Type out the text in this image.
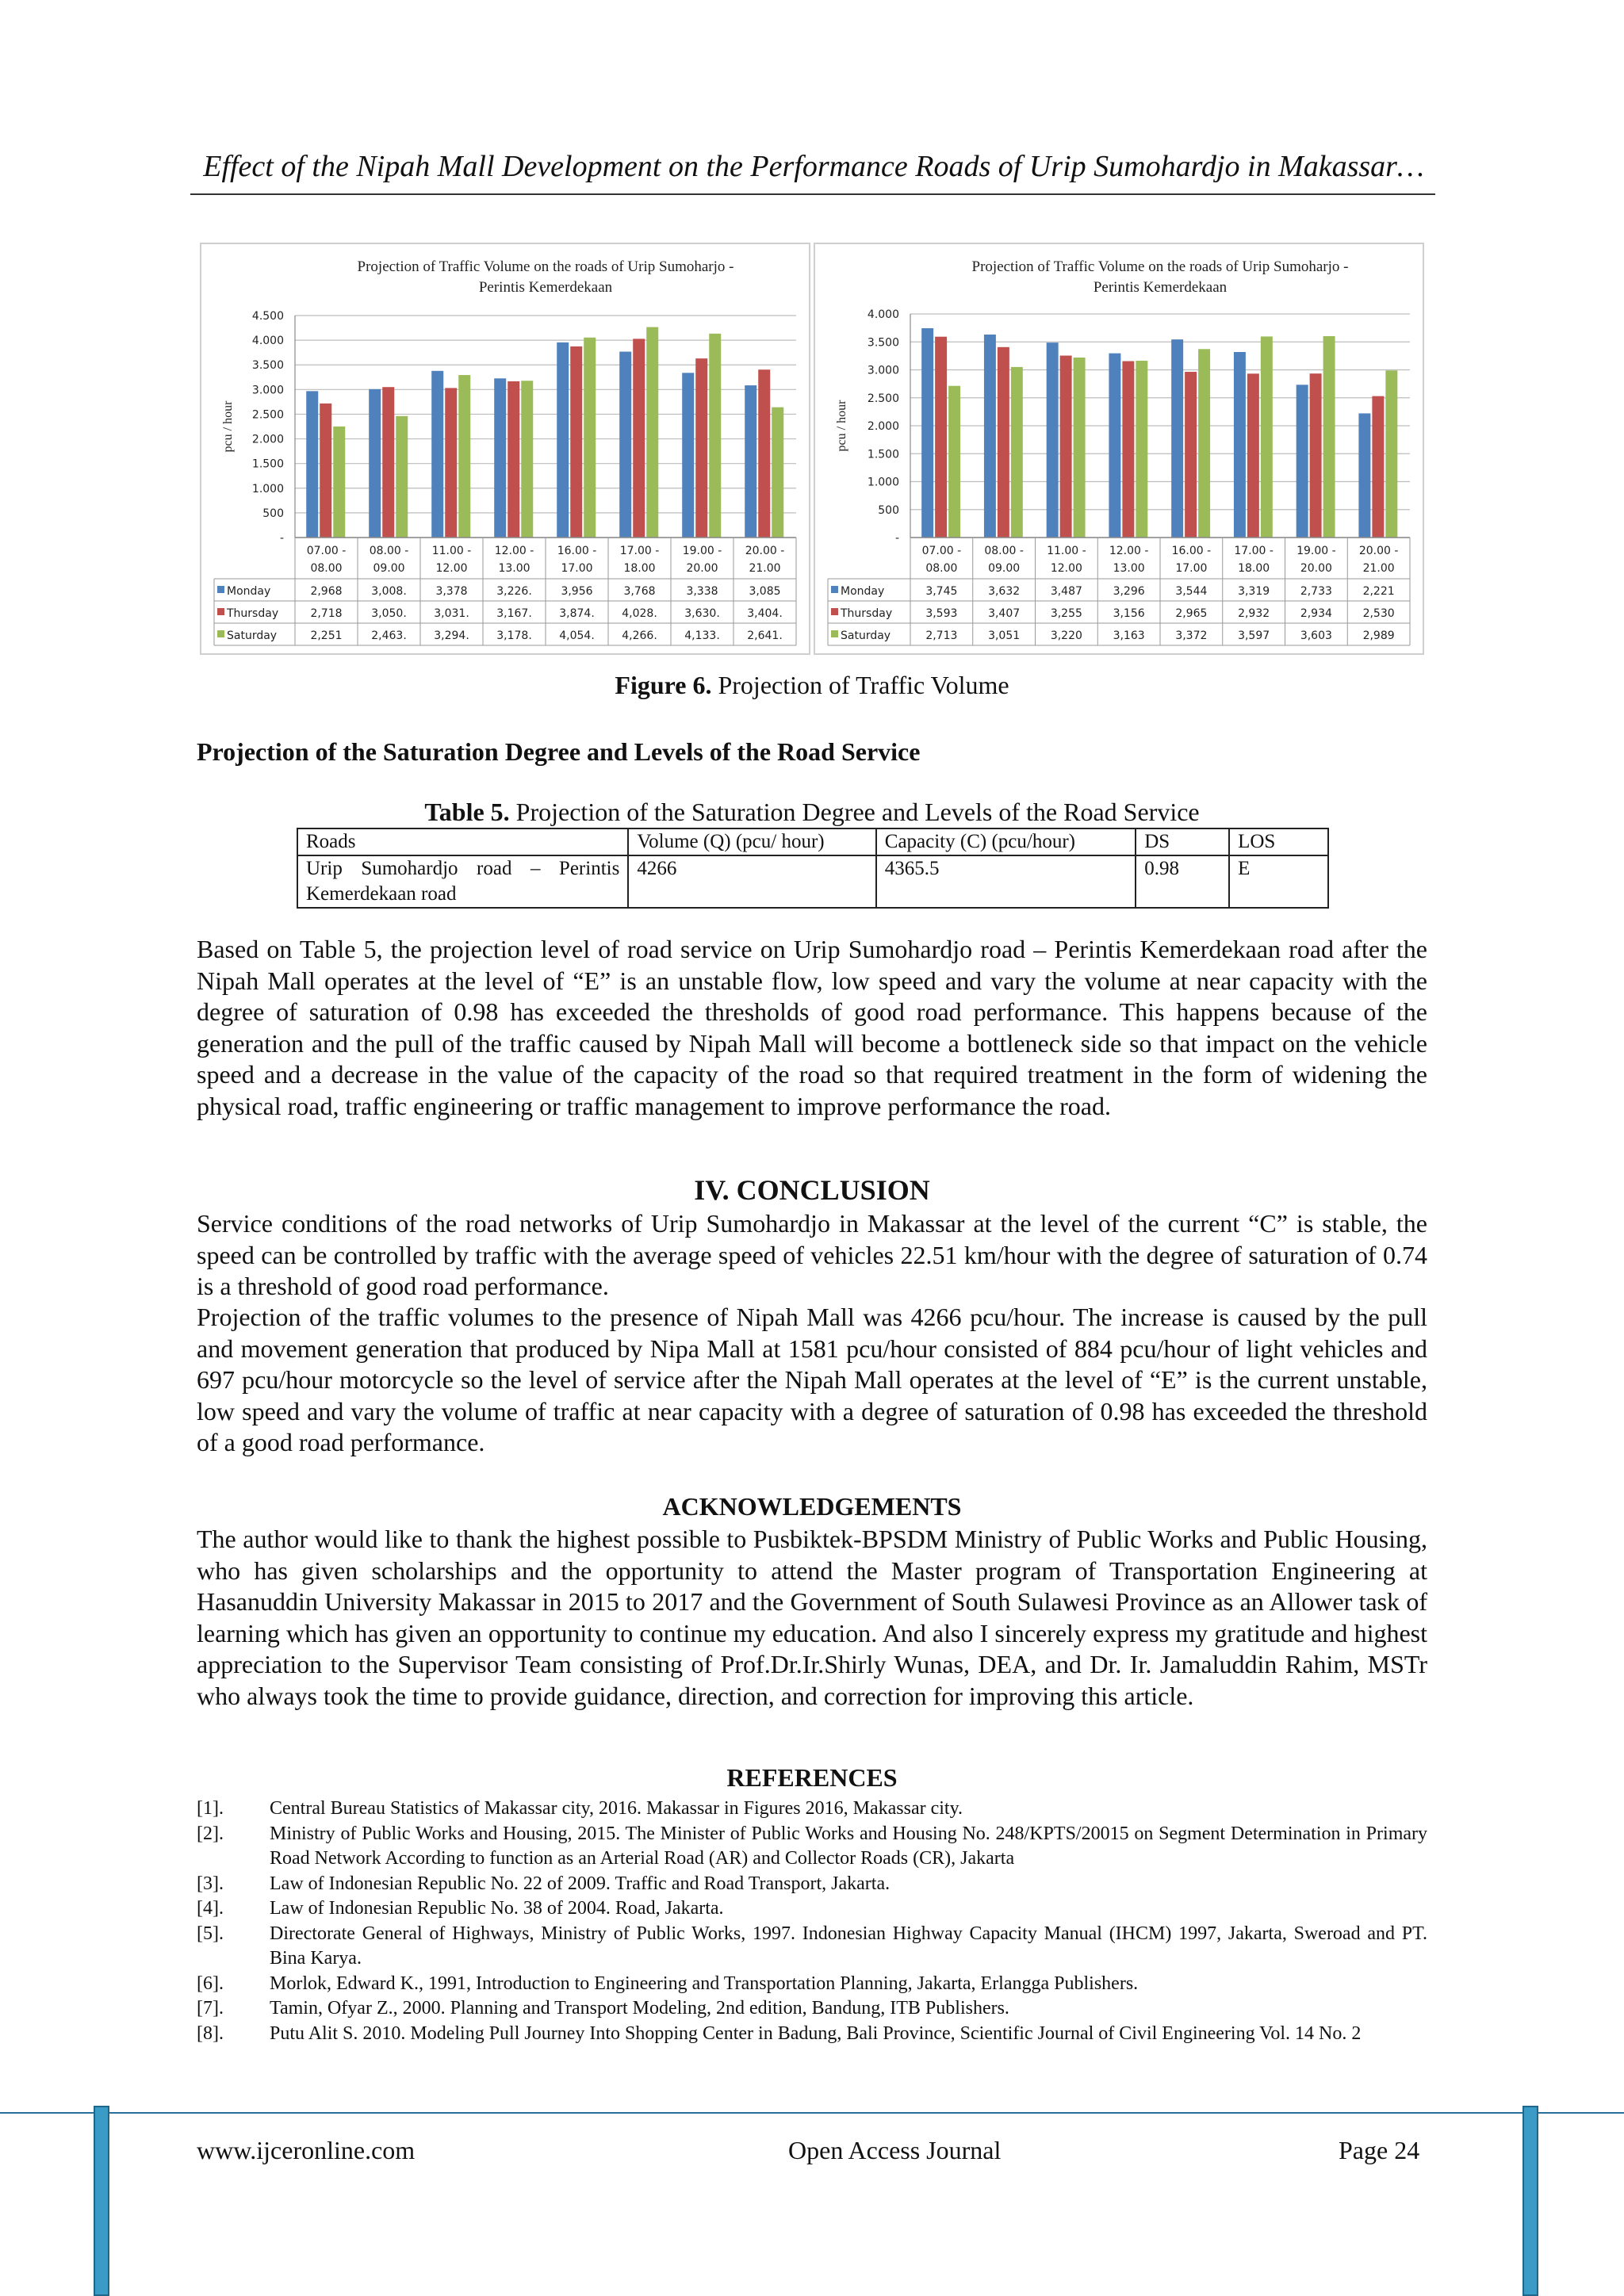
Effect of the Nipah Mall Development on the Performance Roads of Urip Sumohardjo in Makassar…
Projection of Traffic Volume on the roads of Urip Sumoharjo -
Perintis Kemerdekaan
-
500
1.000
1.500
2.000
2.500
3.000
3.500
4.000
4.500
pcu / hour
07.00 -
08.00
08.00 -
09.00
11.00 -
12.00
12.00 -
13.00
16.00 -
17.00
17.00 -
18.00
19.00 -
20.00
20.00 -
21.00
Monday	2,968	3,008.	3,378	3,226.	3,956	3,768	3,338	3,085
Thursday	2,718	3,050. 3,031. 3,167. 3,874. 4,028. 3,630. 3,404.
Saturday	2,251	2,463. 3,294. 3,178. 4,054. 4,266. 4,133. 2,641.
Projection of Traffic Volume on the roads of Urip Sumoharjo -
Perintis Kemerdekaan
-
500
1.000
1.500
2.000
2.500
3.000
3.500
4.000
pcu / hour
07.00 -
08.00
08.00 -
09.00
11.00 -
12.00
12.00 -
13.00
16.00 -
17.00
17.00 -
18.00
19.00 -
20.00
20.00 -
21.00
Monday	3,745	3,632	3,487	3,296	3,544	3,319	2,733	2,221
Thursday	3,593	3,407	3,255	3,156	2,965	2,932	2,934	2,530
Saturday	2,713	3,051	3,220	3,163	3,372	3,597	3,603	2,989
Figure 6. Projection of Traffic Volume
Projection of the Saturation Degree and Levels of the Road Service
Table 5. Projection of the Saturation Degree and Levels of the Road Service
Roads	Volume (Q) (pcu/ hour)	Capacity (C) (pcu/hour)	DS	LOS
Urip Sumohardjo road – Perintis Kemerdekaan road	4266	4365.5	0.98	E
Based on Table 5, the projection level of road service on Urip Sumohardjo road – Perintis Kemerdekaan road after the Nipah Mall operates at the level of “E” is an unstable flow, low speed and vary the volume at near capacity with the degree of saturation of 0.98 has exceeded the thresholds of good road performance. This happens because of the generation and the pull of the traffic caused by Nipah Mall will become a bottleneck side so that impact on the vehicle speed and a decrease in the value of the capacity of the road so that required treatment in the form of widening the physical road, traffic engineering or traffic management to improve performance the road.
IV. CONCLUSION
Service conditions of the road networks of Urip Sumohardjo in Makassar at the level of the current “C” is stable, the speed can be controlled by traffic with the average speed of vehicles 22.51 km/hour with the degree of saturation of 0.74 is a threshold of good road performance.
Projection of the traffic volumes to the presence of Nipah Mall was 4266 pcu/hour. The increase is caused by the pull and movement generation that produced by Nipa Mall at 1581 pcu/hour consisted of 884 pcu/hour of light vehicles and 697 pcu/hour motorcycle so the level of service after the Nipah Mall operates at the level of “E” is the current unstable, low speed and vary the volume of traffic at near capacity with a degree of saturation of 0.98 has exceeded the threshold of a good road performance.
ACKNOWLEDGEMENTS
The author would like to thank the highest possible to Pusbiktek-BPSDM Ministry of Public Works and Public Housing, who has given scholarships and the opportunity to attend the Master program of Transportation Engineering at Hasanuddin University Makassar in 2015 to 2017 and the Government of South Sulawesi Province as an Allower task of learning which has given an opportunity to continue my education. And also I sincerely express my gratitude and highest appreciation to the Supervisor Team consisting of Prof.Dr.Ir.Shirly Wunas, DEA, and Dr. Ir. Jamaluddin Rahim, MSTr who always took the time to provide guidance, direction, and correction for improving this article.
REFERENCES
[1].	Central Bureau Statistics of Makassar city, 2016. Makassar in Figures 2016, Makassar city.
[2].	Ministry of Public Works and Housing, 2015. The Minister of Public Works and Housing No. 248/KPTS/20015 on Segment Determination in Primary Road Network According to function as an Arterial Road (AR) and Collector Roads (CR), Jakarta
[3].	Law of Indonesian Republic No. 22 of 2009. Traffic and Road Transport, Jakarta.
[4].	Law of Indonesian Republic No. 38 of 2004. Road, Jakarta.
[5].	Directorate General of Highways, Ministry of Public Works, 1997. Indonesian Highway Capacity Manual (IHCM) 1997, Jakarta, Sweroad and PT. Bina Karya.
[6].	Morlok, Edward K., 1991, Introduction to Engineering and Transportation Planning, Jakarta, Erlangga Publishers.
[7].	Tamin, Ofyar Z., 2000. Planning and Transport Modeling, 2nd edition, Bandung, ITB Publishers.
[8].	Putu Alit S. 2010. Modeling Pull Journey Into Shopping Center in Badung, Bali Province, Scientific Journal of Civil Engineering Vol. 14 No. 2
www.ijceronline.com	Open Access Journal	Page 24
